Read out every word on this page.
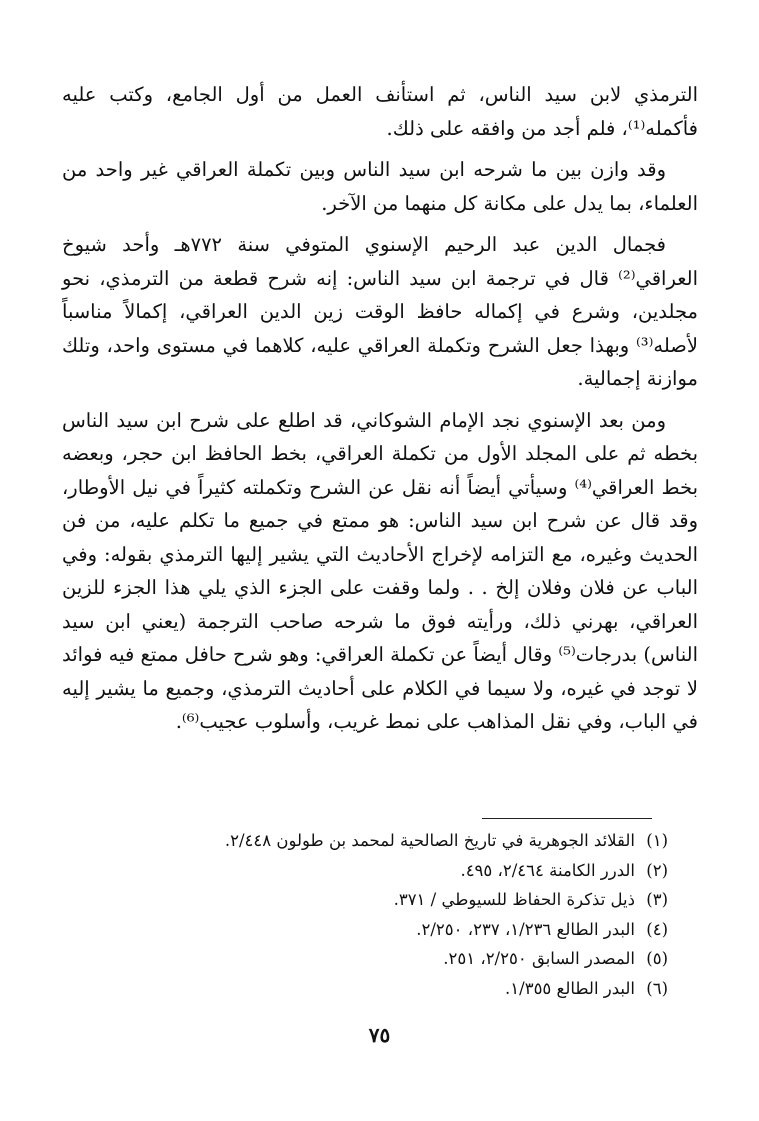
الترمذي لابن سيد الناس، ثم استأنف العمل من أول الجامع، وكتب عليه فأكمله⁽¹⁾، فلم أجد من وافقه على ذلك.

وقد وازن بين ما شرحه ابن سيد الناس وبين تكملة العراقي غير واحد من العلماء، بما يدل على مكانة كل منهما من الآخر.

فجمال الدين عبد الرحيم الإسنوي المتوفي سنة ٧٧٢هـ وأحد شيوخ العراقي⁽²⁾ قال في ترجمة ابن سيد الناس: إنه شرح قطعة من الترمذي، نحو مجلدين، وشرع في إكماله حافظ الوقت زين الدين العراقي، إكمالاً مناسباً لأصله⁽³⁾ وبهذا جعل الشرح وتكملة العراقي عليه، كلاهما في مستوى واحد، وتلك موازنة إجمالية.

ومن بعد الإسنوي نجد الإمام الشوكاني، قد اطلع على شرح ابن سيد الناس بخطه ثم على المجلد الأول من تكملة العراقي، بخط الحافظ ابن حجر، وبعضه بخط العراقي⁽⁴⁾ وسيأتي أيضاً أنه نقل عن الشرح وتكملته كثيراً في نيل الأوطار، وقد قال عن شرح ابن سيد الناس: هو ممتع في جميع ما تكلم عليه، من فن الحديث وغيره، مع التزامه لإخراج الأحاديث التي يشير إليها الترمذي بقوله: وفي الباب عن فلان وفلان إلخ . . ولما وقفت على الجزء الذي يلي هذا الجزء للزين العراقي، بهرني ذلك، ورأيته فوق ما شرحه صاحب الترجمة (يعني ابن سيد الناس) بدرجات⁽⁵⁾ وقال أيضاً عن تكملة العراقي: وهو شرح حافل ممتع فيه فوائد لا توجد في غيره، ولا سيما في الكلام على أحاديث الترمذي، وجميع ما يشير إليه في الباب، وفي نقل المذاهب على نمط غريب، وأسلوب عجيب⁽⁶⁾.

(١) القلائد الجوهرية في تاريخ الصالحية لمحمد بن طولون ٢/٤٤٨.
(٢) الدرر الكامنة ٢/٤٦٤، ٤٩٥.
(٣) ذيل تذكرة الحفاظ للسيوطي / ٣٧١.
(٤) البدر الطالع ١/٢٣٦، ٢٣٧، ٢/٢٥٠.
(٥) المصدر السابق ٢/٢٥٠، ٢٥١.
(٦) البدر الطالع ١/٣٥٥.
٧٥
